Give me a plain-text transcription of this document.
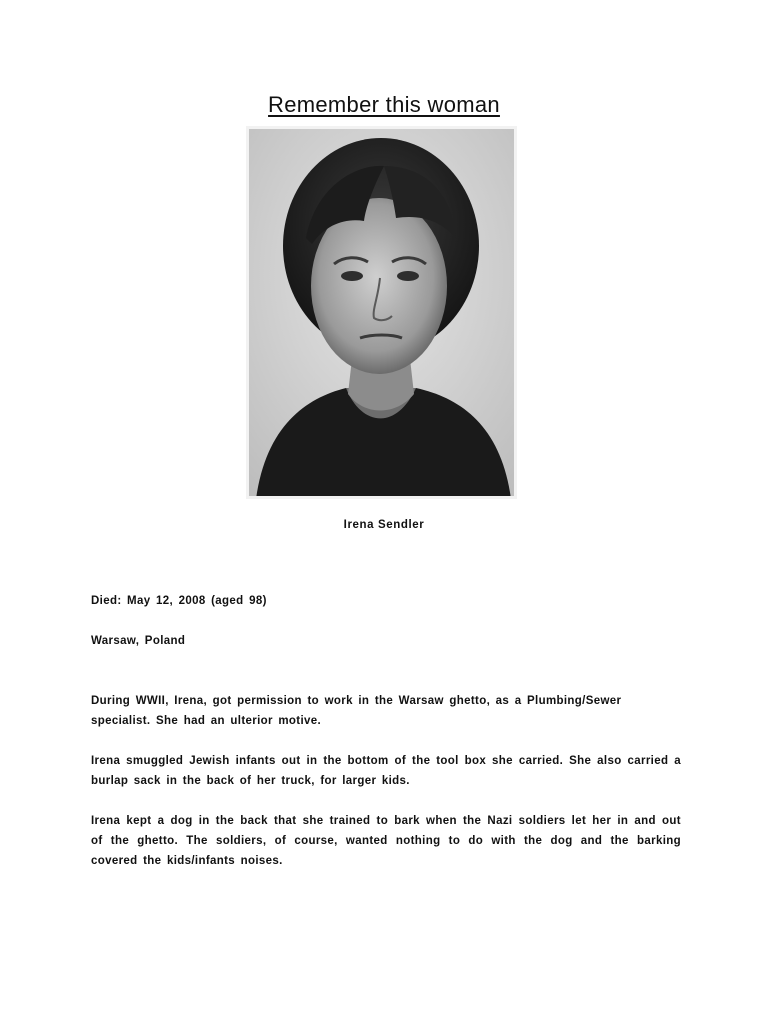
Remember this woman
Irena Sendler
Died: May 12, 2008 (aged 98)
Warsaw, Poland
During WWII, Irena, got permission to work in the Warsaw ghetto, as a Plumbing/Sewer specialist. She had an ulterior motive.
Irena smuggled Jewish infants out in the bottom of the tool box she carried. She also carried a burlap sack in the back of her truck, for larger kids.
Irena kept a dog in the back that she trained to bark when the Nazi soldiers let her in and out of the ghetto. The soldiers, of course, wanted nothing to do with the dog and the barking covered the kids/infants noises.
